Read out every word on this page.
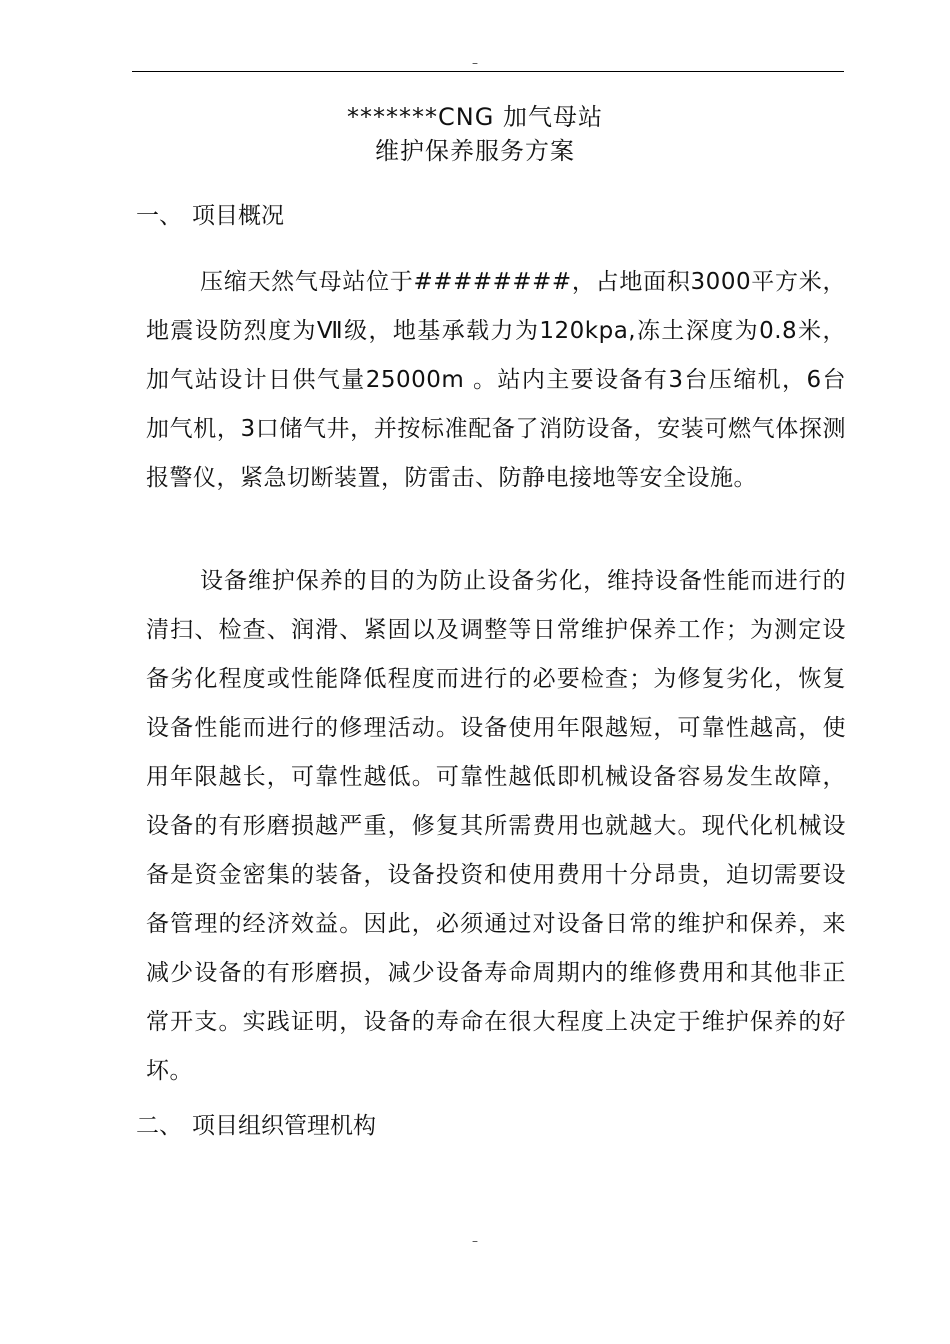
–
*******CNG 加气母站
维护保养服务方案
一、 项目概况

压缩天然气母站位于########，占地面积3000平方米，地震设防烈度为Ⅶ级，地基承载力为120kpa,冻土深度为0.8米，加气站设计日供气量25000m 。站内主要设备有3台压缩机，6台加气机，3口储气井，并按标准配备了消防设备，安装可燃气体探测报警仪，紧急切断装置，防雷击、防静电接地等安全设施。

设备维护保养的目的为防止设备劣化，维持设备性能而进行的清扫、检查、润滑、紧固以及调整等日常维护保养工作；为测定设备劣化程度或性能降低程度而进行的必要检查；为修复劣化，恢复设备性能而进行的修理活动。设备使用年限越短，可靠性越高，使用年限越长，可靠性越低。可靠性越低即机械设备容易发生故障，设备的有形磨损越严重，修复其所需费用也就越大。现代化机械设备是资金密集的装备，设备投资和使用费用十分昂贵，迫切需要设备管理的经济效益。因此，必须通过对设备日常的维护和保养，来减少设备的有形磨损，减少设备寿命周期内的维修费用和其他非正常开支。实践证明，设备的寿命在很大程度上决定于维护保养的好坏。

二、 项目组织管理机构
–
